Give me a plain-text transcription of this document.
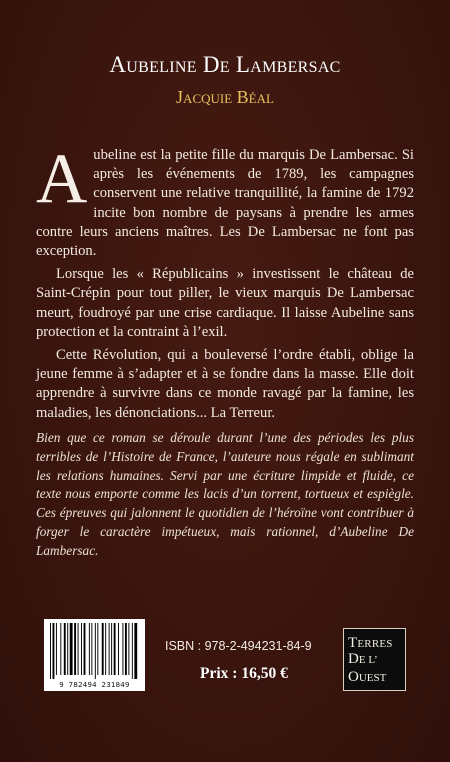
Aubeline De Lambersac
Jacquie Béal

Aubeline est la petite fille du marquis De Lambersac. Si après les événements de 1789, les campagnes conservent une relative tranquillité, la famine de 1792 incite bon nombre de paysans à prendre les armes contre leurs anciens maîtres. Les De Lambersac ne font pas exception.

Lorsque les « Républicains » investissent le château de Saint-Crépin pour tout piller, le vieux marquis De Lambersac meurt, foudroyé par une crise cardiaque. Il laisse Aubeline sans protection et la contraint à l’exil.

Cette Révolution, qui a bouleversé l’ordre établi, oblige la jeune femme à s’adapter et à se fondre dans la masse. Elle doit apprendre à survivre dans ce monde ravagé par la famine, les maladies, les dénonciations... La Terreur.

Bien que ce roman se déroule durant l’une des périodes les plus terribles de l’Histoire de France, l’auteure nous régale en sublimant les relations humaines. Servi par une écriture limpide et fluide, ce texte nous emporte comme les lacis d’un torrent, tortueux et espiègle. Ces épreuves qui jalonnent le quotidien de l’héroïne vont contribuer à forger le caractère impétueux, mais rationnel, d’Aubeline De Lambersac.

9 782494 231849
ISBN : 978-2-494231-84-9
Prix : 16,50 €
TERRES
DE L’
OUEST
